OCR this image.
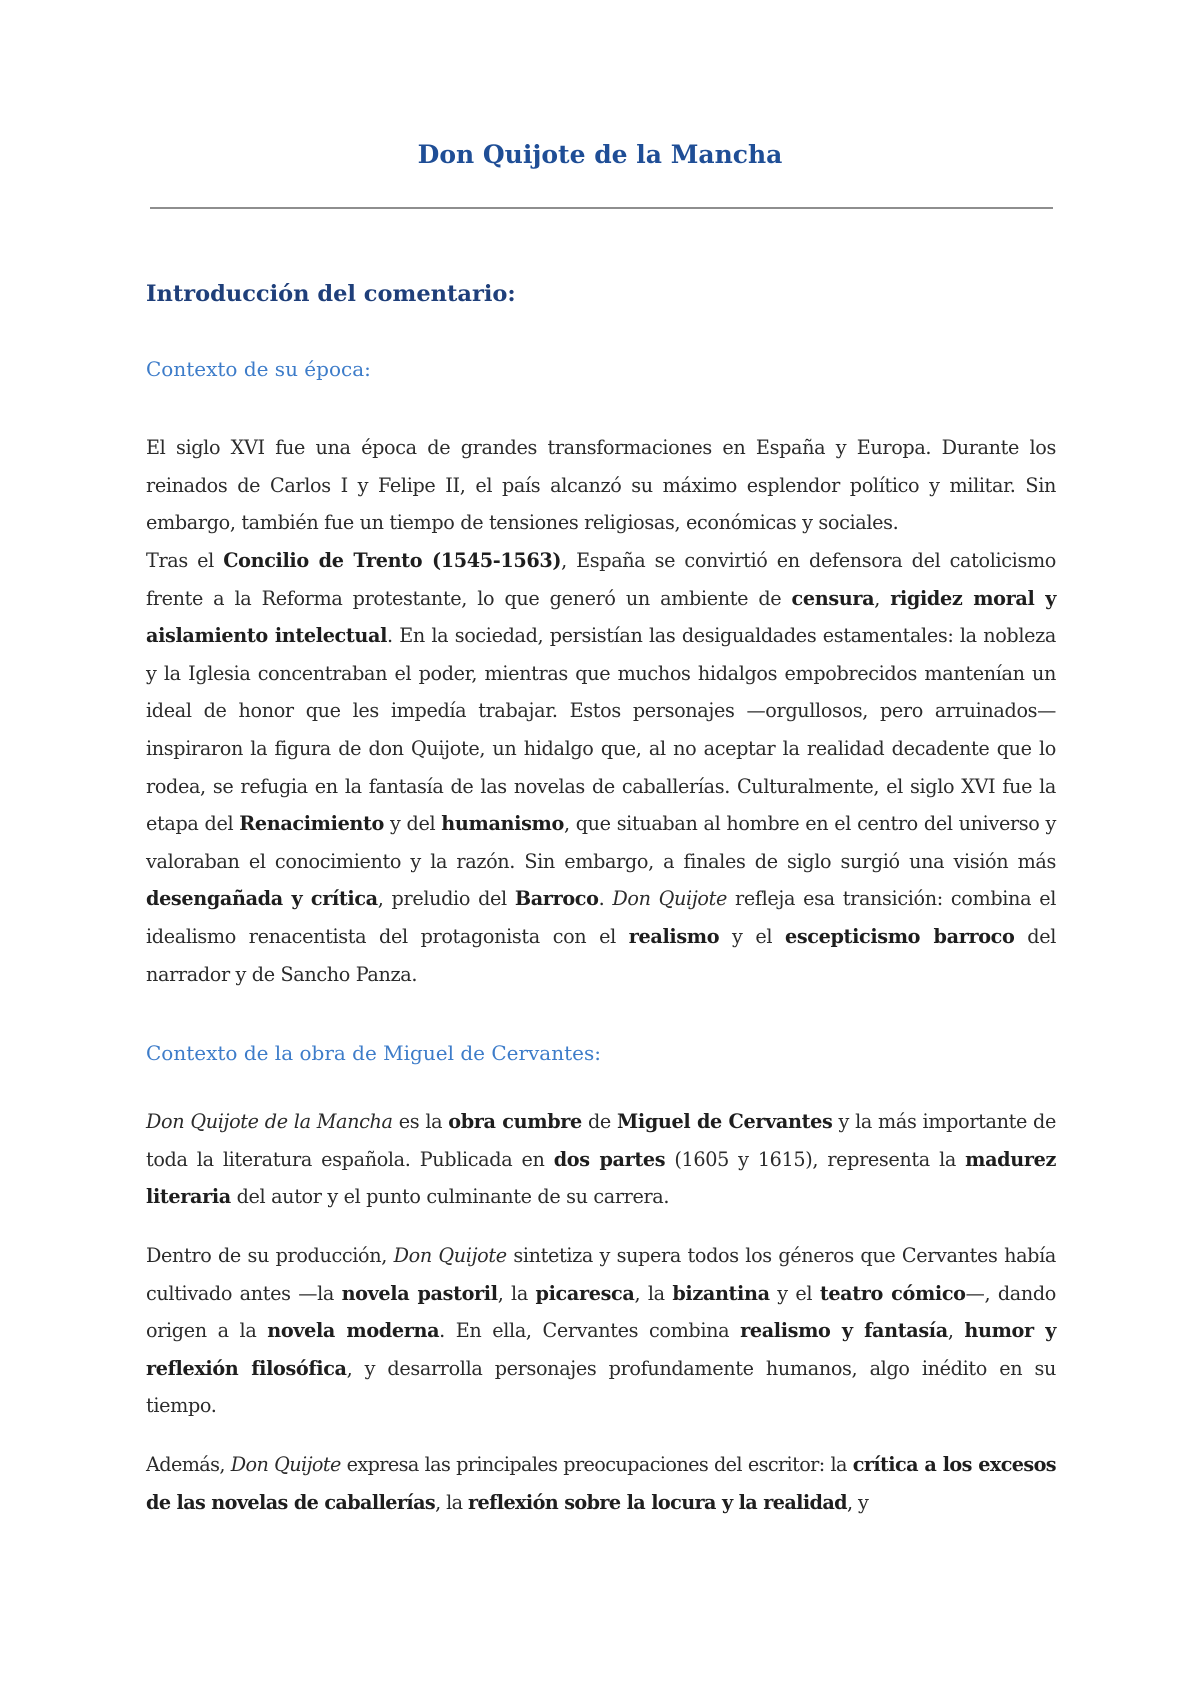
Don Quijote de la Mancha
Introducción del comentario:
Contexto de su época:

El siglo XVI fue una época de grandes transformaciones en España y Europa. Durante los reinados de Carlos I y Felipe II, el país alcanzó su máximo esplendor político y militar. Sin embargo, también fue un tiempo de tensiones religiosas, económicas y sociales.

Tras el Concilio de Trento (1545-1563), España se convirtió en defensora del catolicismo frente a la Reforma protestante, lo que generó un ambiente de censura, rigidez moral y aislamiento intelectual. En la sociedad, persistían las desigualdades estamentales: la nobleza y la Iglesia concentraban el poder, mientras que muchos hidalgos empobrecidos mantenían un ideal de honor que les impedía trabajar. Estos personajes —orgullosos, pero arruinados— inspiraron la figura de don Quijote, un hidalgo que, al no aceptar la realidad decadente que lo rodea, se refugia en la fantasía de las novelas de caballerías. Culturalmente, el siglo XVI fue la etapa del Renacimiento y del humanismo, que situaban al hombre en el centro del universo y valoraban el conocimiento y la razón. Sin embargo, a finales de siglo surgió una visión más desengañada y crítica, preludio del Barroco. Don Quijote refleja esa transición: combina el idealismo renacentista del protagonista con el realismo y el escepticismo barroco del narrador y de Sancho Panza.

Contexto de la obra de Miguel de Cervantes:

Don Quijote de la Mancha es la obra cumbre de Miguel de Cervantes y la más importante de toda la literatura española. Publicada en dos partes (1605 y 1615), representa la madurez literaria del autor y el punto culminante de su carrera.

Dentro de su producción, Don Quijote sintetiza y supera todos los géneros que Cervantes había cultivado antes —la novela pastoril, la picaresca, la bizantina y el teatro cómico—, dando origen a la novela moderna. En ella, Cervantes combina realismo y fantasía, humor y reflexión filosófica, y desarrolla personajes profundamente humanos, algo inédito en su tiempo.

Además, Don Quijote expresa las principales preocupaciones del escritor: la crítica a los excesos de las novelas de caballerías, la reflexión sobre la locura y la realidad, y
